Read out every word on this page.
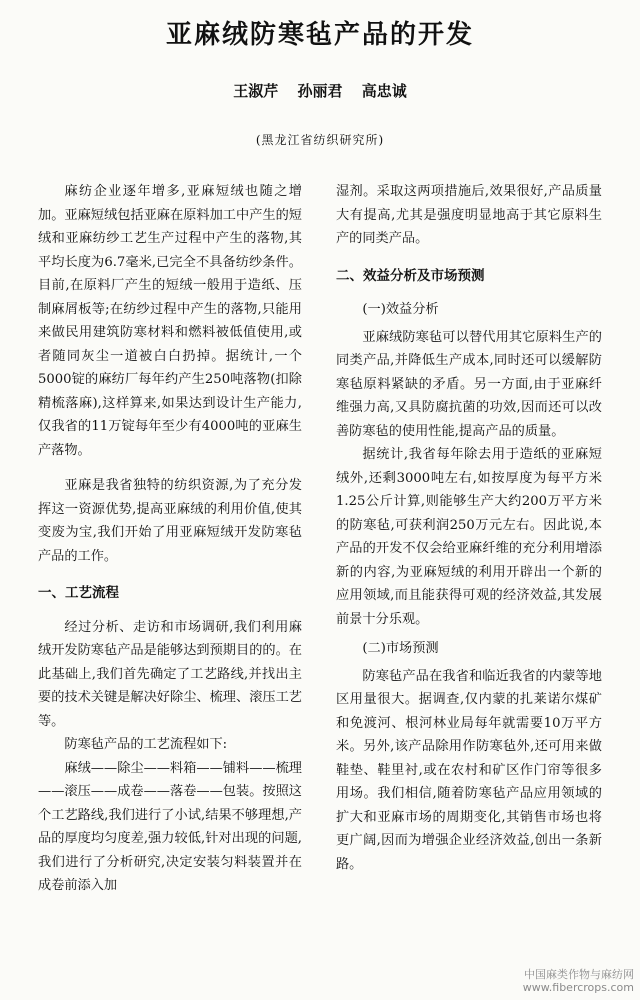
亚麻绒防寒毡产品的开发
王淑芹 孙丽君 高忠诚
(黑龙江省纺织研究所)

麻纺企业逐年增多,亚麻短绒也随之增加。亚麻短绒包括亚麻在原料加工中产生的短绒和亚麻纺纱工艺生产过程中产生的落物,其平均长度为6.7毫米,已完全不具备纺纱条件。目前,在原料厂产生的短绒一般用于造纸、压制麻屑板等;在纺纱过程中产生的落物,只能用来做民用建筑防寒材料和燃料被低值使用,或者随同灰尘一道被白白扔掉。据统计,一个5000锭的麻纺厂每年约产生250吨落物(扣除精梳落麻),这样算来,如果达到设计生产能力,仅我省的11万锭每年至少有4000吨的亚麻生产落物。

亚麻是我省独特的纺织资源,为了充分发挥这一资源优势,提高亚麻绒的利用价值,使其变废为宝,我们开始了用亚麻短绒开发防寒毡产品的工作。

一、工艺流程

经过分析、走访和市场调研,我们利用麻绒开发防寒毡产品是能够达到预期目的的。在此基础上,我们首先确定了工艺路线,并找出主要的技术关键是解决好除尘、梳理、滚压工艺等。

防寒毡产品的工艺流程如下:

麻绒——除尘——料箱——铺料——梳理——滚压——成卷——落卷——包装。按照这个工艺路线,我们进行了小试,结果不够理想,产品的厚度均匀度差,强力较低,针对出现的问题,我们进行了分析研究,决定安装匀料装置并在成卷前添入加

湿剂。采取这两项措施后,效果很好,产品质量大有提高,尤其是强度明显地高于其它原料生产的同类产品。

二、效益分析及市场预测
(一)效益分析

亚麻绒防寒毡可以替代用其它原料生产的同类产品,并降低生产成本,同时还可以缓解防寒毡原料紧缺的矛盾。另一方面,由于亚麻纤维强力高,又具防腐抗菌的功效,因而还可以改善防寒毡的使用性能,提高产品的质量。

据统计,我省每年除去用于造纸的亚麻短绒外,还剩3000吨左右,如按厚度为每平方米1.25公斤计算,则能够生产大约200万平方米的防寒毡,可获利润250万元左右。因此说,本产品的开发不仅会给亚麻纤维的充分利用增添新的内容,为亚麻短绒的利用开辟出一个新的应用领域,而且能获得可观的经济效益,其发展前景十分乐观。

(二)市场预测

防寒毡产品在我省和临近我省的内蒙等地区用量很大。据调查,仅内蒙的扎莱诺尔煤矿和免渡河、根河林业局每年就需要10万平方米。另外,该产品除用作防寒毡外,还可用来做鞋垫、鞋里衬,或在农村和矿区作门帘等很多用场。我们相信,随着防寒毡产品应用领域的扩大和亚麻市场的周期变化,其销售市场也将更广阔,因而为增强企业经济效益,创出一条新路。

中国麻类作物与麻纺网
www.fibercrops.com
